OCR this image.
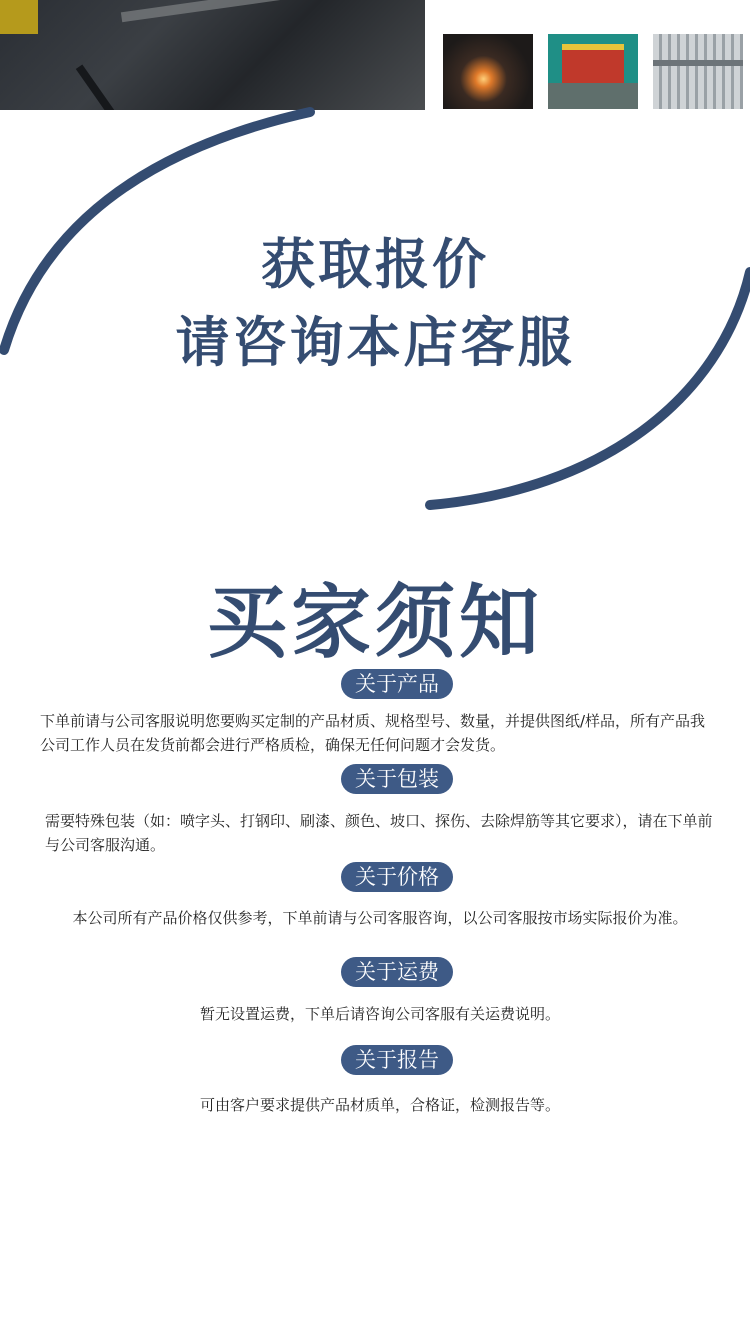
获取报价
请咨询本店客服
买家须知
关于产品
下单前请与公司客服说明您要购买定制的产品材质、规格型号、数量，并提供图纸/样品，所有产品我公司工作人员在发货前都会进行严格质检，确保无任何问题才会发货。
关于包装
需要特殊包装（如：喷字头、打钢印、刷漆、颜色、坡口、探伤、去除焊筋等其它要求），请在下单前与公司客服沟通。
关于价格
本公司所有产品价格仅供参考，下单前请与公司客服咨询，以公司客服按市场实际报价为准。
关于运费
暂无设置运费，下单后请咨询公司客服有关运费说明。
关于报告
可由客户要求提供产品材质单，合格证，检测报告等。
